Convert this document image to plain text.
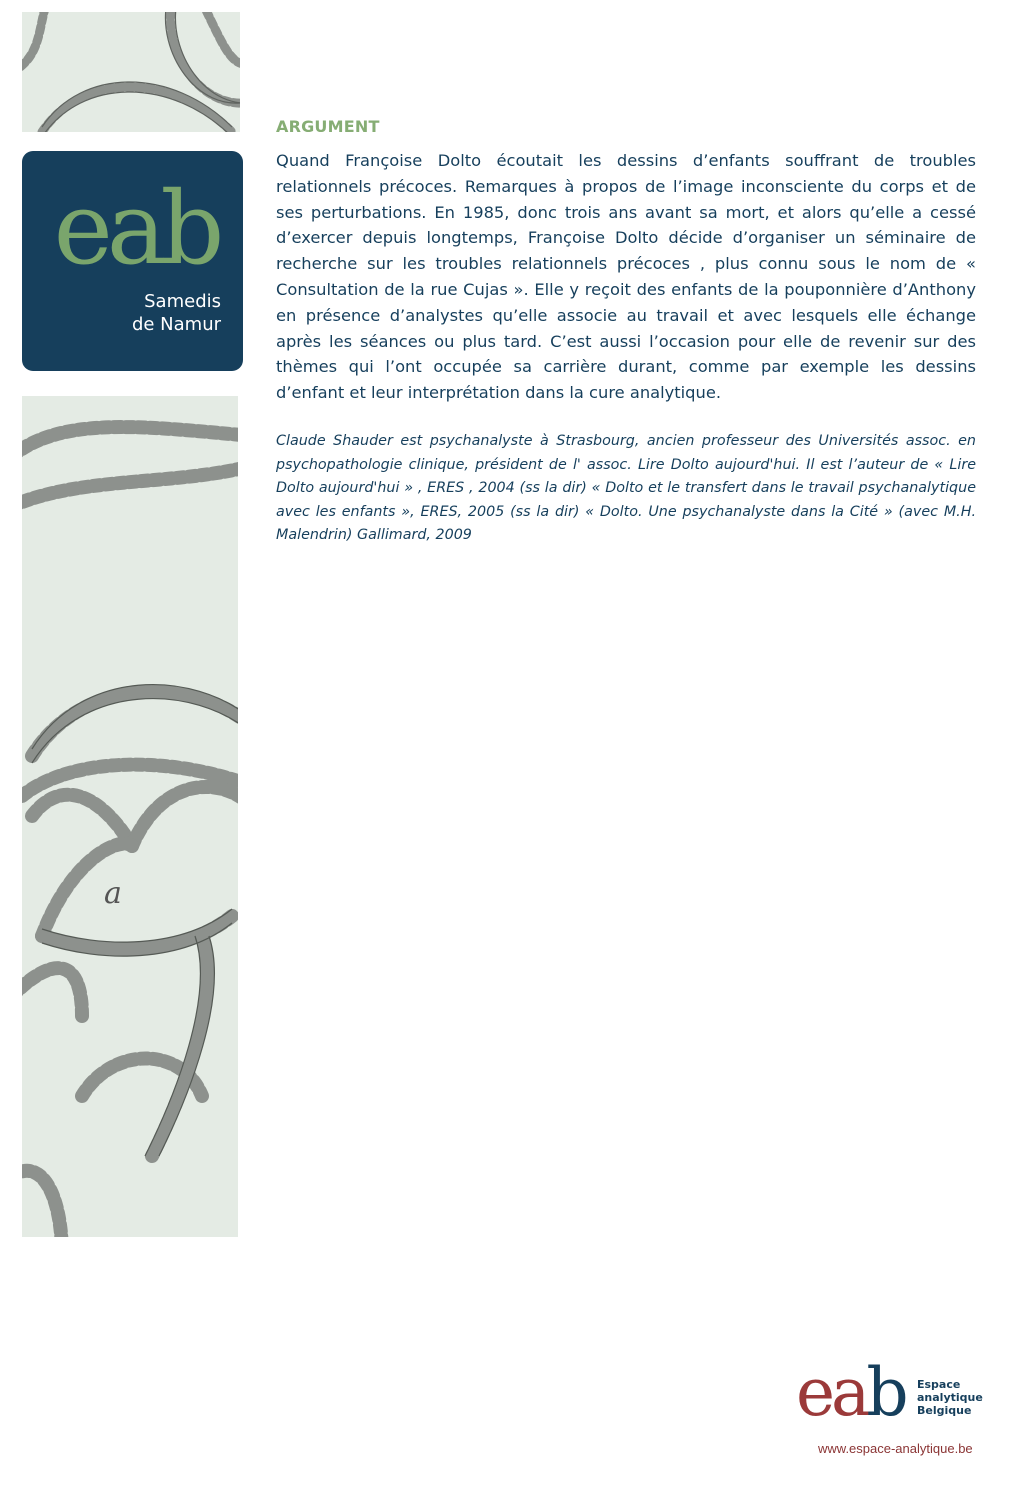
eab
Samedis
de Namur
a
ARGUMENT

Quand Françoise Dolto écoutait les dessins d’enfants souffrant de troubles relationnels précoces. Remarques à propos de l’image inconsciente du corps et de ses perturbations. En 1985, donc trois ans avant sa mort, et alors qu’elle a cessé d’exercer depuis longtemps, Françoise Dolto décide d’organiser un séminaire de recherche sur les troubles relationnels précoces , plus connu sous le nom de « Consultation de la rue Cujas ». Elle y reçoit des enfants de la pouponnière d’Anthony en présence d’analystes qu’elle associe au travail et avec lesquels elle échange après les séances ou plus tard. C’est aussi l’occasion pour elle de revenir sur des thèmes qui l’ont occupée sa carrière durant, comme par exemple les dessins d’enfant et leur interprétation dans la cure analytique.

Claude Shauder est psychanalyste à Strasbourg, ancien professeur des Universités assoc. en psychopathologie clinique, président de l' assoc. Lire Dolto aujourd'hui. Il est l’auteur de « Lire Dolto aujourd'hui » , ERES , 2004 (ss la dir) « Dolto et le transfert dans le travail psychanalytique avec les enfants », ERES, 2005 (ss la dir) « Dolto. Une psychanalyste dans la Cité » (avec M.H. Malendrin) Gallimard, 2009

eab Espace
analytique
Belgique
www.espace-analytique.be
